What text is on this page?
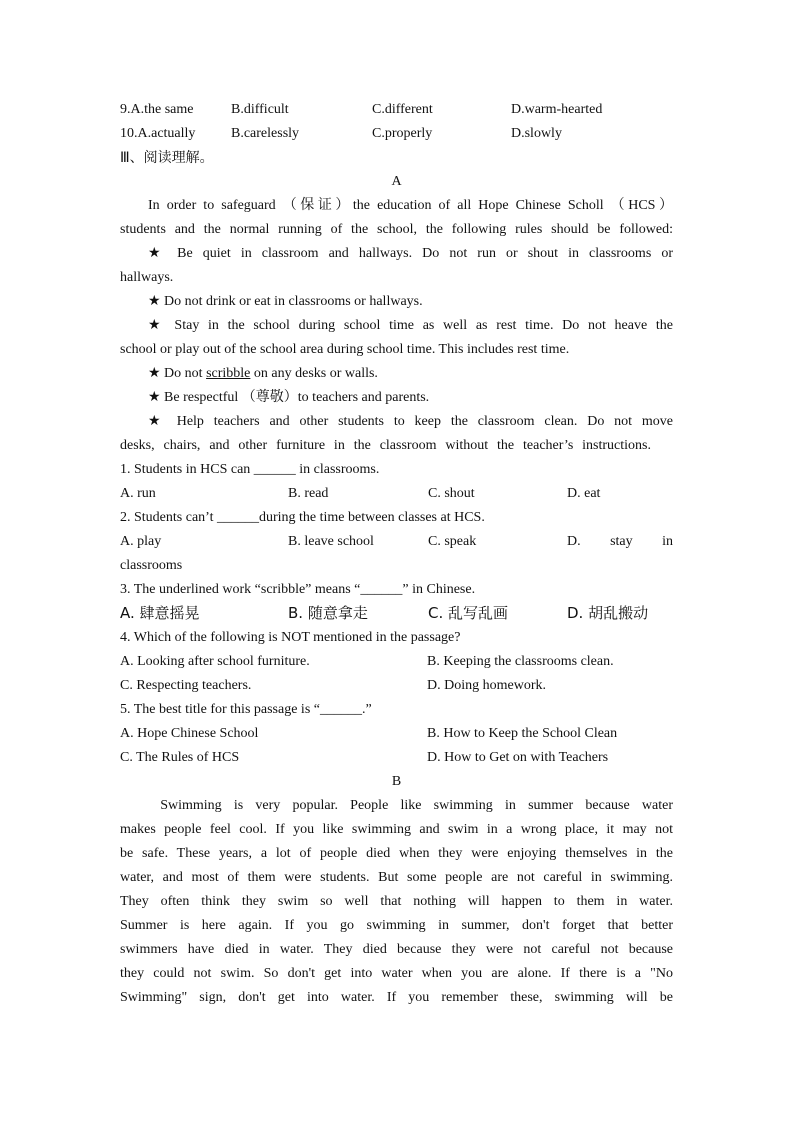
9.A.the same	B.difficult	C.different	D.warm-hearted
10.A.actually	B.carelessly	C.properly	D.slowly
Ⅲ、阅读理解。
A
In order to safeguard （保证）the education of all Hope Chinese Scholl （HCS）
students and the normal running of the school, the following rules should be followed:
★ Be quiet in classroom and hallways. Do not run or shout in classrooms or
hallways.
★ Do not drink or eat in classrooms or hallways.
★ Stay in the school during school time as well as rest time. Do not heave the
school or play out of the school area during school time. This includes rest time.
★ Do not scribble on any desks or walls.
★ Be respectful （尊敬）to teachers and parents.
★ Help teachers and other students to keep the classroom clean. Do not move
desks, chairs, and other furniture in the classroom without the teacher’s instructions.
1. Students in HCS can ______ in classrooms.
A. run	B. read	C. shout	D. eat
2. Students can’t ______during the time between classes at HCS.
A. play	B. leave school	C. speak	D. stay in
classrooms
3. The underlined work “scribble” means “______” in Chinese.
A. 肆意摇晃	B. 随意拿走	C. 乱写乱画	D. 胡乱搬动
4. Which of the following is NOT mentioned in the passage?
A. Looking after school furniture.	B. Keeping the classrooms clean.
C. Respecting teachers.	D. Doing homework.
5. The best title for this passage is “______.”
A. Hope Chinese School	B. How to Keep the School Clean
C. The Rules of HCS	D. How to Get on with Teachers
B
Swimming is very popular. People like swimming in summer because water
makes people feel cool. If you like swimming and swim in a wrong place, it may not
be safe. These years, a lot of people died when they were enjoying themselves in the
water, and most of them were students. But some people are not careful in swimming.
They often think they swim so well that nothing will happen to them in water.
Summer is here again. If you go swimming in summer, don't forget that better
swimmers have died in water. They died because they were not careful not because
they could not swim. So don't get into water when you are alone. If there is a "No
Swimming" sign, don't get into water. If you remember these, swimming will be
